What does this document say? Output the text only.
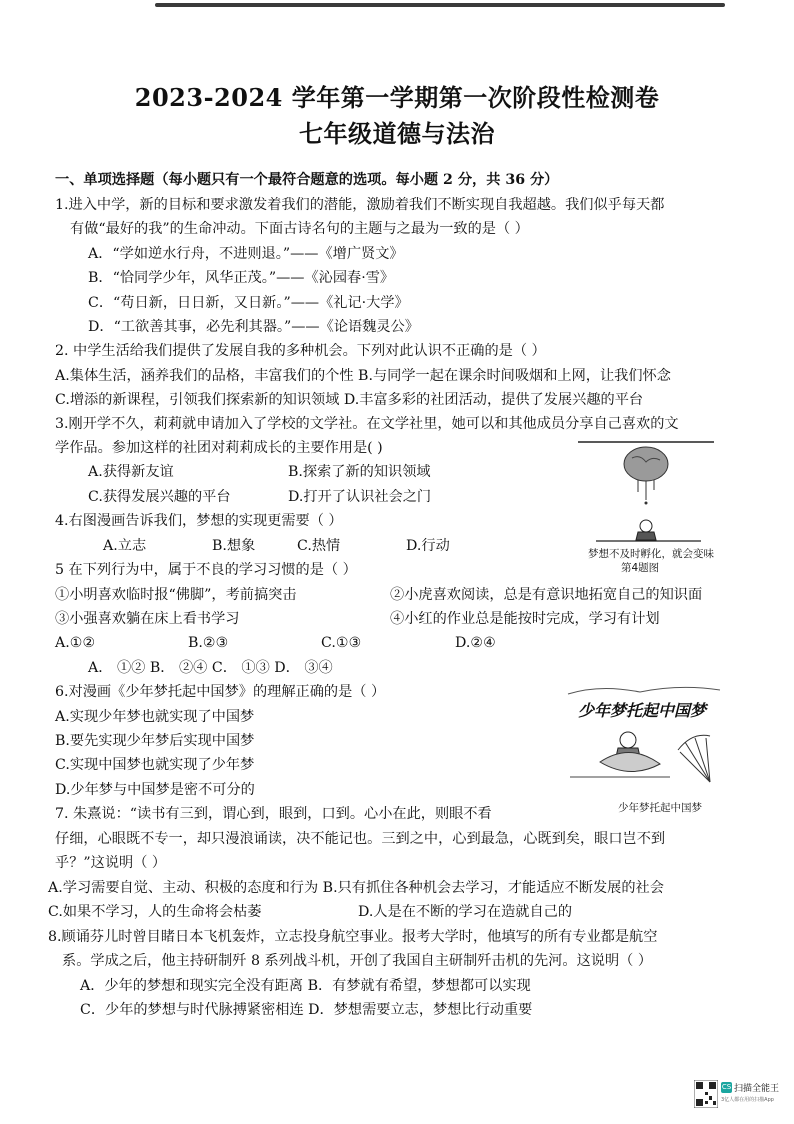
2023-2024 学年第一学期第一次阶段性检测卷
七年级道德与法治
一、单项选择题（每小题只有一个最符合题意的选项。每小题 2 分，共 36 分）
1.进入中学，新的目标和要求激发着我们的潜能，激励着我们不断实现自我超越。我们似乎每天都
有做“最好的我”的生命冲动。下面古诗名句的主题与之最为一致的是（ ）
A．“学如逆水行舟，不进则退。”——《增广贤文》
B．“恰同学少年，风华正茂。”——《沁园春·雪》
C．“苟日新，日日新，又日新。”——《礼记·大学》
D．“工欲善其事，必先利其器。”——《论语魏灵公》
2. 中学生活给我们提供了发展自我的多种机会。下列对此认识不正确的是（ ）
A.集体生活，涵养我们的品格，丰富我们的个性 B.与同学一起在课余时间吸烟和上网，让我们怀念
C.增添的新课程，引领我们探索新的知识领域 D.丰富多彩的社团活动，提供了发展兴趣的平台
3.刚开学不久，莉莉就申请加入了学校的文学社。在文学社里，她可以和其他成员分享自己喜欢的文
学作品。参加这样的社团对莉莉成长的主要作用是( )
A.获得新友谊	B.探索了新的知识领域
C.获得发展兴趣的平台	D.打开了认识社会之门
4.右图漫画告诉我们，梦想的实现更需要（ ）
A.立志	B.想象	C.热情	D.行动	梦想不及时孵化，就会变味
第4题图
5 在下列行为中，属于不良的学习习惯的是（ ）
①小明喜欢临时报“佛脚”，考前搞突击	②小虎喜欢阅读，总是有意识地拓宽自己的知识面
③小强喜欢躺在床上看书学习	④小红的作业总是能按时完成，学习有计划
A.①②	B.②③	C.①③	D.②④
A． ①② B． ②④ C． ①③ D． ③④
6.对漫画《少年梦托起中国梦》的理解正确的是（ ）
A.实现少年梦也就实现了中国梦
B.要先实现少年梦后实现中国梦
C.实现中国梦也就实现了少年梦
D.少年梦与中国梦是密不可分的
少年梦托起中国梦
少年梦托起中国梦
7. 朱熹说：“读书有三到，谓心到，眼到，口到。心小在此，则眼不看
仔细，心眼既不专一，却只漫浪诵读，决不能记也。三到之中，心到最急，心既到矣，眼口岂不到
乎？”这说明（ ）
A.学习需要自觉、主动、积极的态度和行为 B.只有抓住各种机会去学习，才能适应不断发展的社会
C.如果不学习，人的生命将会枯萎	D.人是在不断的学习在造就自己的
8.顾诵芬儿时曾目睹日本飞机轰炸，立志投身航空事业。报考大学时，他填写的所有专业都是航空
系。学成之后，他主持研制歼 8 系列战斗机，开创了我国自主研制歼击机的先河。这说明（ ）
A．少年的梦想和现实完全没有距离 B．有梦就有希望，梦想都可以实现
C．少年的梦想与时代脉搏紧密相连 D．梦想需要立志，梦想比行动重要
CS 扫描全能王
3亿人都在用的扫描App
